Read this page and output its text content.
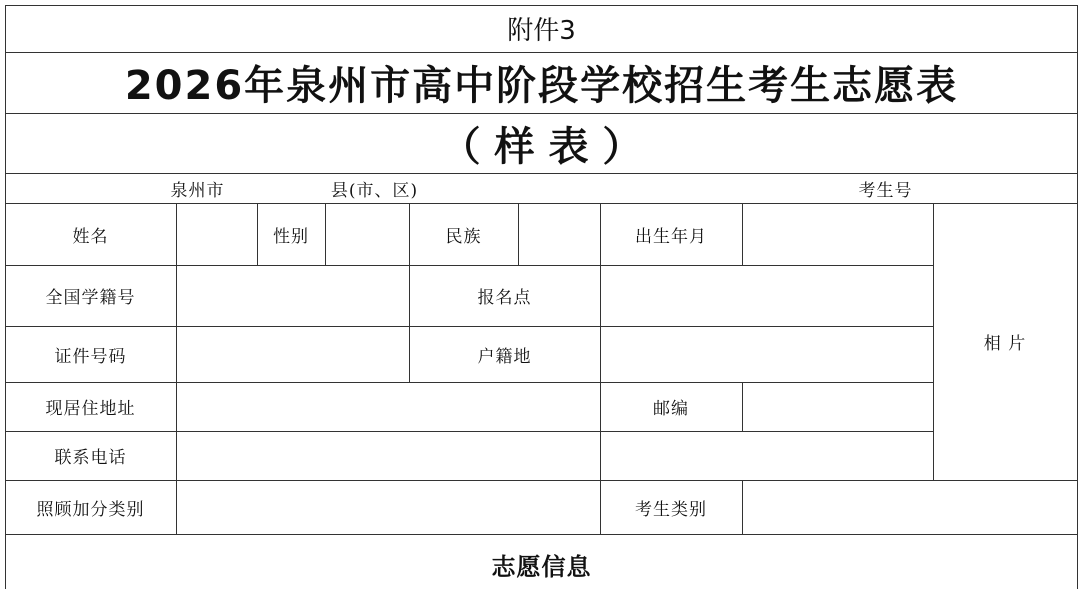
附件3
2026年泉州市高中阶段学校招生考生志愿表
（ 样 表 ）
泉州市	县(市、区)	考生号
姓名	性别	民族	出生年月
相 片
全国学籍号	报名点
证件号码	户籍地
现居住地址	邮编
联系电话
照顾加分类别	考生类别
志愿信息
